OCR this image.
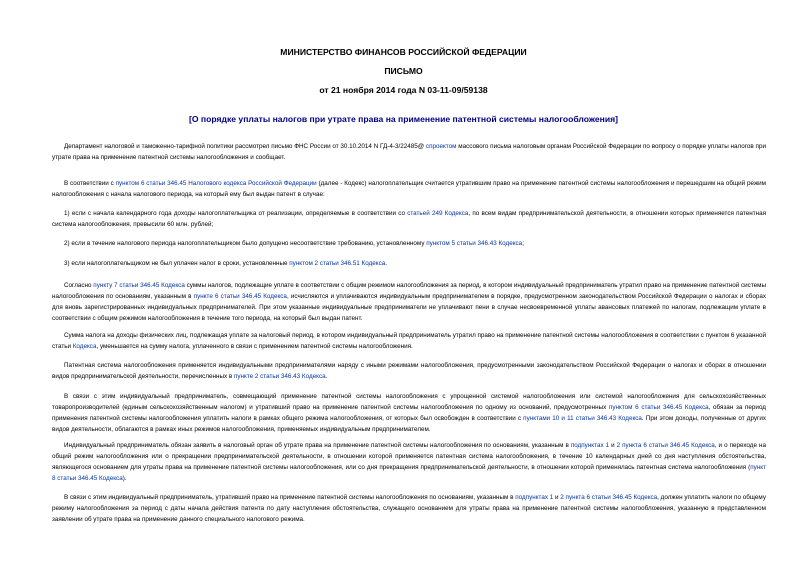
МИНИСТЕРСТВО ФИНАНСОВ РОССИЙСКОЙ ФЕДЕРАЦИИ
ПИСЬМО
от 21 ноября 2014 года N 03-11-09/59138
[О порядке уплаты налогов при утрате права на применение патентной системы налогообложения]

Департамент налоговой и таможенно-тарифной политики рассмотрел письмо ФНС России от 30.10.2014 N ГД-4-3/22485@ спроектом массового письма налоговым органам Российской Федерации по вопросу о порядке уплаты налогов при утрате права на применение патентной системы налогообложения и сообщает.

В соответствии с пунктом 6 статьи 346.45 Налогового кодекса Российской Федерации (далее - Кодекс) налогоплательщик считается утратившим право на применение патентной системы налогообложения и перешедшим на общий режим налогообложения с начала налогового периода, на который ему был выдан патент в случае:

1) если с начала календарного года доходы налогоплательщика от реализации, определяемые в соответствии со статьей 249 Кодекса, по всем видам предпринимательской деятельности, в отношении которых применяется патентная система налогообложения, превысили 60 млн. рублей;

2) если в течение налогового периода налогоплательщиком было допущено несоответствие требованию, установленному пунктом 5 статьи 346.43 Кодекса;

3) если налогоплательщиком не был уплачен налог в сроки, установленные пунктом 2 статьи 346.51 Кодекса.

Согласно пункту 7 статьи 346.45 Кодекса суммы налогов, подлежащие уплате в соответствии с общим режимом налогообложения за период, в котором индивидуальный предприниматель утратил право на применение патентной системы налогообложения по основаниям, указанным в пункте 6 статьи 346.45 Кодекса, исчисляются и уплачиваются индивидуальным предпринимателем в порядке, предусмотренном законодательством Российской Федерации о налогах и сборах для вновь зарегистрированных индивидуальных предпринимателей. При этом указанные индивидуальные предприниматели не уплачивают пени в случае несвоевременной уплаты авансовых платежей по налогам, подлежащим уплате в соответствии с общим режимом налогообложения в течение того периода, на который был выдан патент.

Сумма налога на доходы физических лиц, подлежащая уплате за налоговый период, в котором индивидуальный предприниматель утратил право на применение патентной системы налогообложения в соответствии с пунктом 6 указанной статьи Кодекса, уменьшается на сумму налога, уплаченного в связи с применением патентной системы налогообложения.

Патентная система налогообложения применяется индивидуальными предпринимателями наряду с иными режимами налогообложения, предусмотренными законодательством Российской Федерации о налогах и сборах в отношении видов предпринимательской деятельности, перечисленных в пункте 2 статьи 346.43 Кодекса.

В связи с этим индивидуальный предприниматель, совмещающий применение патентной системы налогообложения с упрощенной системой налогообложения или системой налогообложения для сельскохозяйственных товаропроизводителей (единым сельскохозяйственным налогом) и утративший право на применение патентной системы налогообложения по одному из оснований, предусмотренных пунктом 6 статьи 346.45 Кодекса, обязан за период применения патентной системы налогообложения уплатить налоги в рамках общего режима налогообложения, от которых был освобожден в соответствии с пунктами 10 и 11 статьи 346.43 Кодекса. При этом доходы, полученные от других видов деятельности, облагаются в рамках иных режимов налогообложения, применяемых индивидуальным предпринимателем.

Индивидуальный предприниматель обязан заявить в налоговый орган об утрате права на применение патентной системы налогообложения по основаниям, указанным в подпунктах 1 и 2 пункта 6 статьи 346.45 Кодекса, и о переходе на общий режим налогообложения или о прекращении предпринимательской деятельности, в отношении которой применяется патентная система налогообложения, в течение 10 календарных дней со дня наступления обстоятельства, являющегося основанием для утраты права на применение патентной системы налогообложения, или со дня прекращения предпринимательской деятельности, в отношении которой применялась патентная система налогообложения (пункт 8 статьи 346.45 Кодекса).

В связи с этим индивидуальный предприниматель, утративший право на применение патентной системы налогообложения по основаниям, указанным в подпунктах 1 и 2 пункта 6 статьи 346.45 Кодекса, должен уплатить налоги по общему режиму налогообложения за период с даты начала действия патента по дату наступления обстоятельства, служащего основанием для утраты права на применение патентной системы налогообложения, указанную в представленном заявлении об утрате права на применение данного специального налогового режима.
